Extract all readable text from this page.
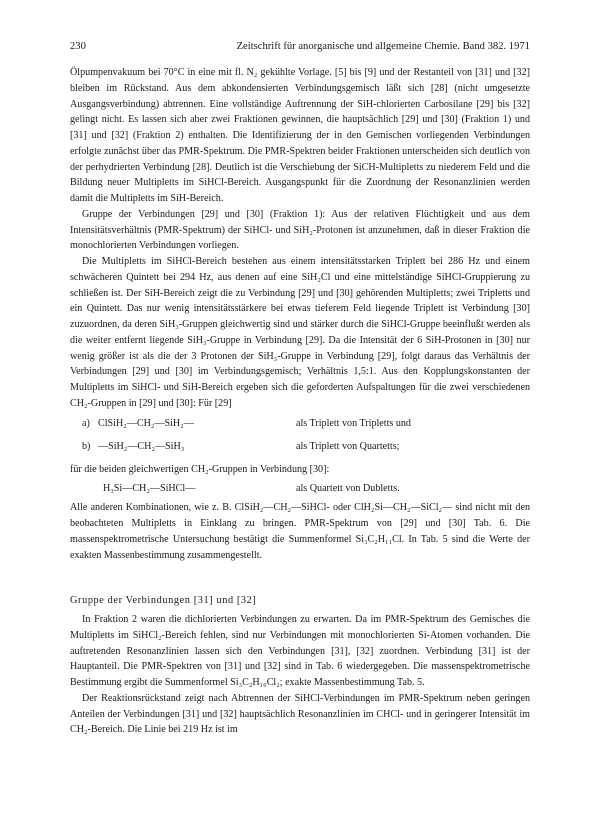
230	Zeitschrift für anorganische und allgemeine Chemie. Band 382. 1971

Ölpumpenvakuum bei 70°C in eine mit fl. N₂ gekühlte Vorlage. [5] bis [9] und der Restanteil von [31] und [32] bleiben im Rückstand. Aus dem abkondensierten Verbindungsgemisch läßt sich [28] (nicht umgesetzte Ausgangsverbindung) abtrennen. Eine vollständige Auftrennung der SiH-chlorierten Carbosilane [29] bis [32] gelingt nicht. Es lassen sich aber zwei Fraktionen gewinnen, die hauptsächlich [29] und [30] (Fraktion 1) und [31] und [32] (Fraktion 2) enthalten. Die Identifizierung der in den Gemischen vorliegenden Verbindungen erfolgte zunächst über das PMR-Spektrum. Die PMR-Spektren beider Fraktionen unterscheiden sich deutlich von der perhydrierten Verbindung [28]. Deutlich ist die Verschiebung der SiCH-Multipletts zu niederem Feld und die Bildung neuer Multipletts im SiHCl-Bereich. Ausgangspunkt für die Zuordnung der Resonanzlinien werden damit die Multipletts im SiH-Bereich.

Gruppe der Verbindungen [29] und [30] (Fraktion 1): Aus der relativen Flüchtigkeit und aus dem Intensitätsverhältnis (PMR-Spektrum) der SiHCl- und SiH₂-Protonen ist anzunehmen, daß in dieser Fraktion die monochlorierten Verbindungen vorliegen.

Die Multipletts im SiHCl-Bereich bestehen aus einem intensitätsstarken Triplett bei 286 Hz und einem schwächeren Quintett bei 294 Hz, aus denen auf eine SiH₂Cl und eine mittelständige SiHCl-Gruppierung zu schließen ist. Der SiH-Bereich zeigt die zu Verbindung [29] und [30] gehörenden Multipletts; zwei Tripletts und ein Quintett. Das nur wenig intensitätsstärkere bei etwas tieferem Feld liegende Triplett ist Verbindung [30] zuzuordnen, da deren SiH₃-Gruppen gleichwertig sind und stärker durch die SiHCl-Gruppe beeinflußt werden als die weiter entfernt liegende SiH₃-Gruppe in Verbindung [29]. Da die Intensität der 6 SiH-Protonen in [30] nur wenig größer ist als die der 3 Protonen der SiH₃-Gruppe in Verbindung [29], folgt daraus das Verhältnis der Verbindungen [29] und [30] im Verbindungsgemisch; Verhältnis 1,5:1. Aus den Kopplungskonstanten der Multipletts im SiHCl- und SiH-Bereich ergeben sich die geforderten Aufspaltungen für die zwei verschiedenen CH₂-Gruppen in [29] und [30]: Für [29]

a) ClSiH₂—CH₂—SiH₂—	als Triplett von Tripletts und
b) —SiH₂—CH₂—SiH₃	als Triplett von Quartetts;

für die beiden gleichwertigen CH₂-Gruppen in Verbindung [30]:

H₃Si—CH₂—SiHCl—	als Quartett von Dubletts.

Alle anderen Kombinationen, wie z. B. ClSiH₂—CH₂—SiHCl- oder ClH₂Si—CH₂—SiCl₂— sind nicht mit den beobachteten Multipletts in Einklang zu bringen. PMR-Spektrum von [29] und [30] Tab. 6. Die massenspektrometrische Untersuchung bestätigt die Summenformel Si₃C₂H₁₁Cl. In Tab. 5 sind die Werte der exakten Massenbestimmung zusammengestellt.

Gruppe der Verbindungen [31] und [32]

In Fraktion 2 waren die dichlorierten Verbindungen zu erwarten. Da im PMR-Spektrum des Gemisches die Multipletts im SiHCl₂-Bereich fehlen, sind nur Verbindungen mit monochlorierten Si-Atomen vorhanden. Die auftretenden Resonanzlinien lassen sich den Verbindungen [31], [32] zuordnen. Verbindung [31] ist der Hauptanteil. Die PMR-Spektren von [31] und [32] sind in Tab. 6 wiedergegeben. Die massenspektrometrische Bestimmung ergibt die Summenformel Si₃C₂H₁₀Cl₂; exakte Massenbestimmung Tab. 5.

Der Reaktionsrückstand zeigt nach Abtrennen der SiHCl-Verbindungen im PMR-Spektrum neben geringen Anteilen der Verbindungen [31] und [32] hauptsächlich Resonanzlinien im CHCl- und in geringerer Intensität im CH₂-Bereich. Die Linie bei 219 Hz ist im
